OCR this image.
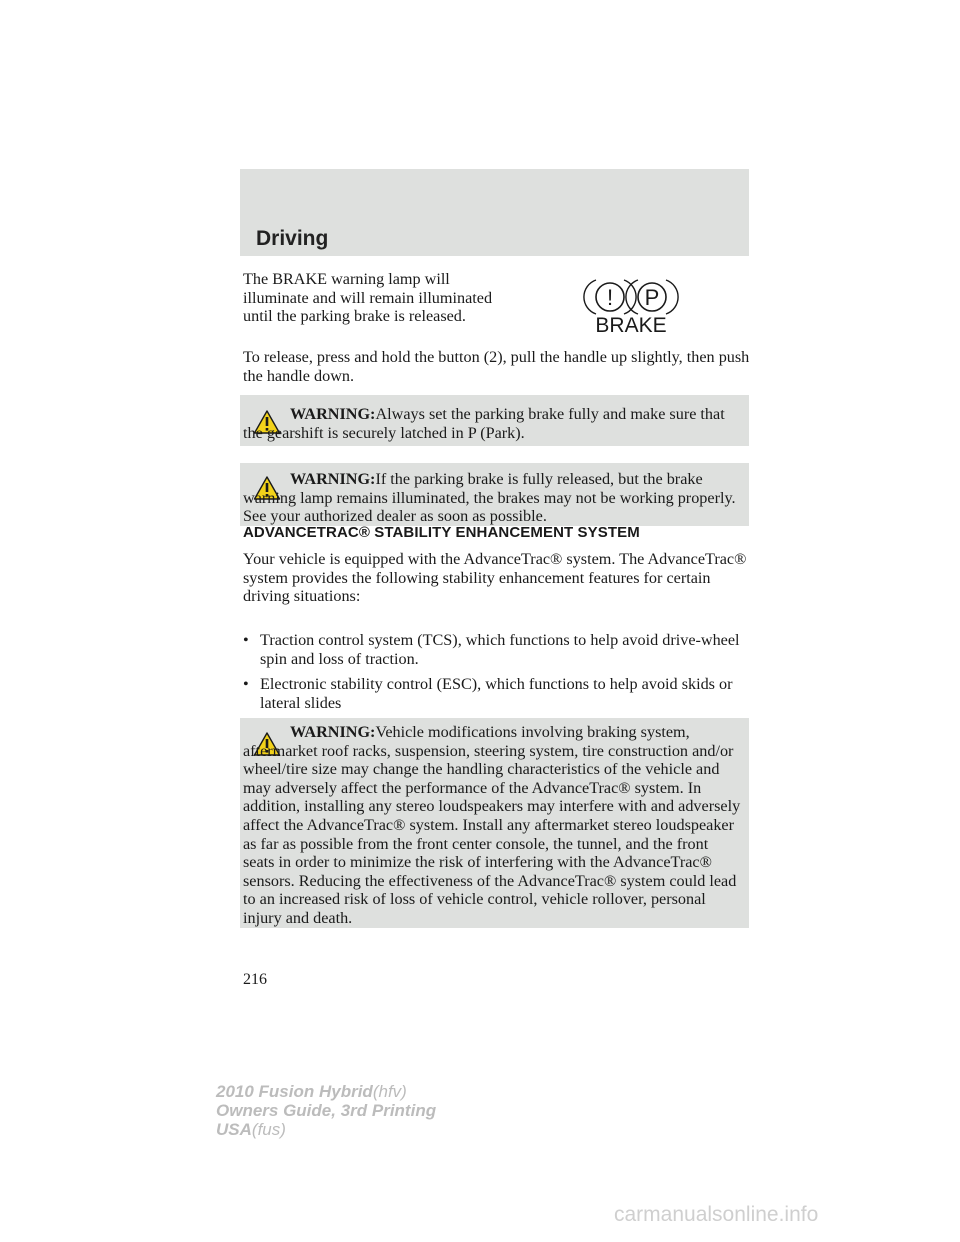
Driving

The BRAKE warning lamp will illuminate and will remain illuminated until the parking brake is released.

! P
BRAKE

To release, press and hold the button (2), pull the handle up slightly, then push the handle down.

WARNING:Always set the parking brake fully and make sure that the gearshift is securely latched in P (Park).
WARNING:If the parking brake is fully released, but the brake warning lamp remains illuminated, the brakes may not be working properly. See your authorized dealer as soon as possible.
ADVANCETRAC® STABILITY ENHANCEMENT SYSTEM

Your vehicle is equipped with the AdvanceTrac® system. The AdvanceTrac® system provides the following stability enhancement features for certain driving situations:

• Traction control system (TCS), which functions to help avoid drive-wheel spin and loss of traction.
• Electronic stability control (ESC), which functions to help avoid skids or lateral slides
WARNING:Vehicle modifications involving braking system, aftermarket roof racks, suspension, steering system, tire construction and/or wheel/tire size may change the handling characteristics of the vehicle and may adversely affect the performance of the AdvanceTrac® system. In addition, installing any stereo loudspeakers may interfere with and adversely affect the AdvanceTrac® system. Install any aftermarket stereo loudspeaker as far as possible from the front center console, the tunnel, and the front seats in order to minimize the risk of interfering with the AdvanceTrac® sensors. Reducing the effectiveness of the AdvanceTrac® system could lead to an increased risk of loss of vehicle control, vehicle rollover, personal injury and death.
216
2010 Fusion Hybrid(hfv)
Owners Guide, 3rd Printing
USA(fus)
carmanualsonline.info
